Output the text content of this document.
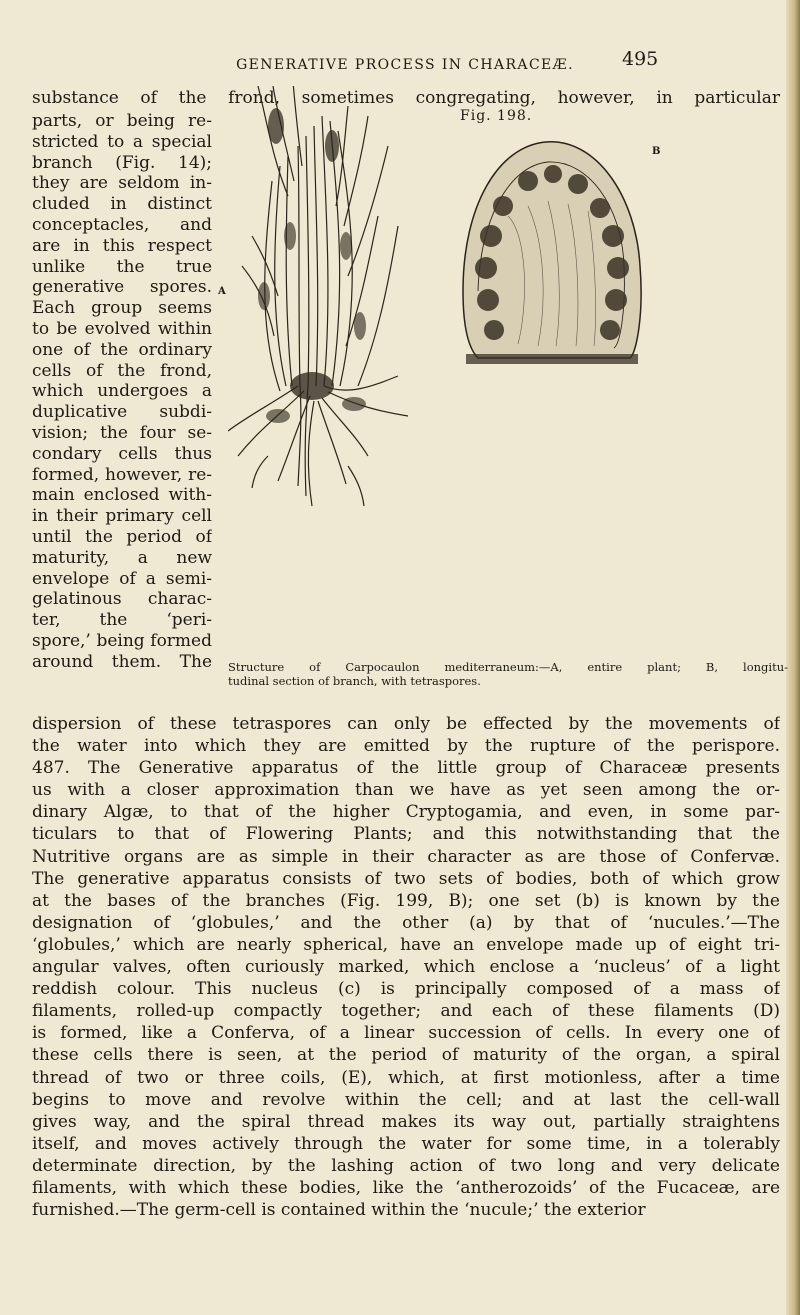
GENERATIVE PROCESS IN CHARACEÆ.	495

substance of the frond, sometimes congregating, however, in particular

parts, or being re-
stricted to a special
branch (Fig. 14);
they are seldom in-
cluded in distinct
conceptacles, and
are in this respect
unlike the true
generative spores.
Each group seems
to be evolved within
one of the ordinary
cells of the frond,
which undergoes a
duplicative subdi-
vision; the four se-
condary cells thus
formed, however, re-
main enclosed with-
in their primary cell
until the period of
maturity, a new
envelope of a semi-
gelatinous charac-
ter, the ‘peri-
spore,’ being formed
around them. The

Fig. 198.
A
B
Structure of Carpocaulon mediterraneum:—A, entire plant; B, longitu-
tudinal section of branch, with tetraspores.

dispersion of these tetraspores can only be effected by the movements of
the water into which they are emitted by the rupture of the perispore.
487. The Generative apparatus of the little group of Characeæ presents
us with a closer approximation than we have as yet seen among the or-
dinary Algæ, to that of the higher Cryptogamia, and even, in some par-
ticulars to that of Flowering Plants; and this notwithstanding that the
Nutritive organs are as simple in their character as are those of Confervæ.
The generative apparatus consists of two sets of bodies, both of which grow
at the bases of the branches (Fig. 199, B); one set (b) is known by the
designation of ‘globules,’ and the other (a) by that of ‘nucules.’—The
‘globules,’ which are nearly spherical, have an envelope made up of eight tri-
angular valves, often curiously marked, which enclose a ‘nucleus’ of a light
reddish colour. This nucleus (c) is principally composed of a mass of
filaments, rolled-up compactly together; and each of these filaments (D)
is formed, like a Conferva, of a linear succession of cells. In every one of
these cells there is seen, at the period of maturity of the organ, a spiral
thread of two or three coils, (E), which, at first motionless, after a time
begins to move and revolve within the cell; and at last the cell-wall
gives way, and the spiral thread makes its way out, partially straightens
itself, and moves actively through the water for some time, in a tolerably
determinate direction, by the lashing action of two long and very delicate
filaments, with which these bodies, like the ‘antherozoids’ of the Fucaceæ, are
furnished.—The germ-cell is contained within the ‘nucule;’ the exterior
